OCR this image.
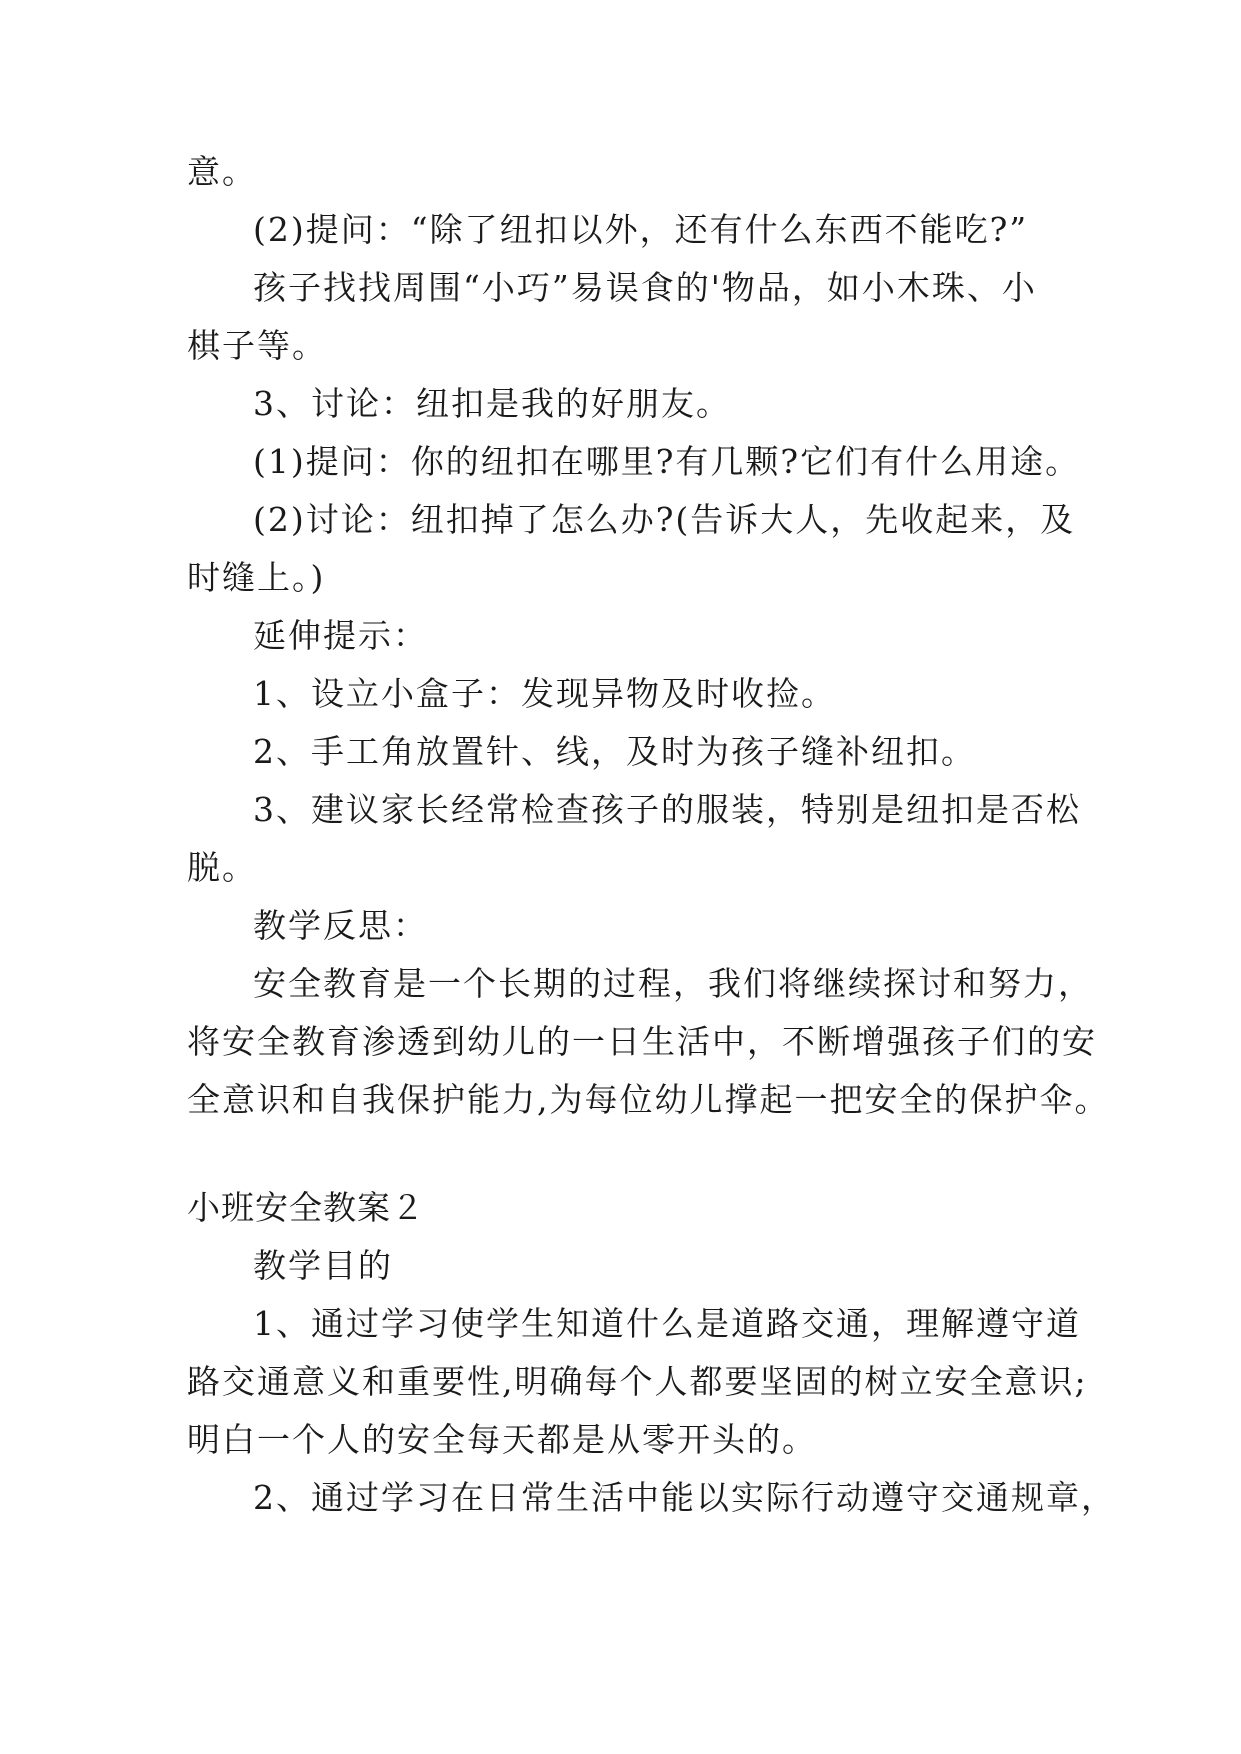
意。
(2)提问：“除了纽扣以外，还有什么东西不能吃?”
孩子找找周围“小巧”易误食的'物品，如小木珠、小
棋子等。
3、讨论：纽扣是我的好朋友。
(1)提问：你的纽扣在哪里?有几颗?它们有什么用途。
(2)讨论：纽扣掉了怎么办?(告诉大人，先收起来，及
时缝上。)
延伸提示：
1、设立小盒子：发现异物及时收捡。
2、手工角放置针、线，及时为孩子缝补纽扣。
3、建议家长经常检查孩子的服装，特别是纽扣是否松
脱。
教学反思：
安全教育是一个长期的过程，我们将继续探讨和努力，
将安全教育渗透到幼儿的一日生活中，不断增强孩子们的安
全意识和自我保护能力,为每位幼儿撑起一把安全的保护伞。
小班安全教案２
教学目的
1、通过学习使学生知道什么是道路交通，理解遵守道
路交通意义和重要性,明确每个人都要坚固的树立安全意识;
明白一个人的安全每天都是从零开头的。
2、通过学习在日常生活中能以实际行动遵守交通规章，
